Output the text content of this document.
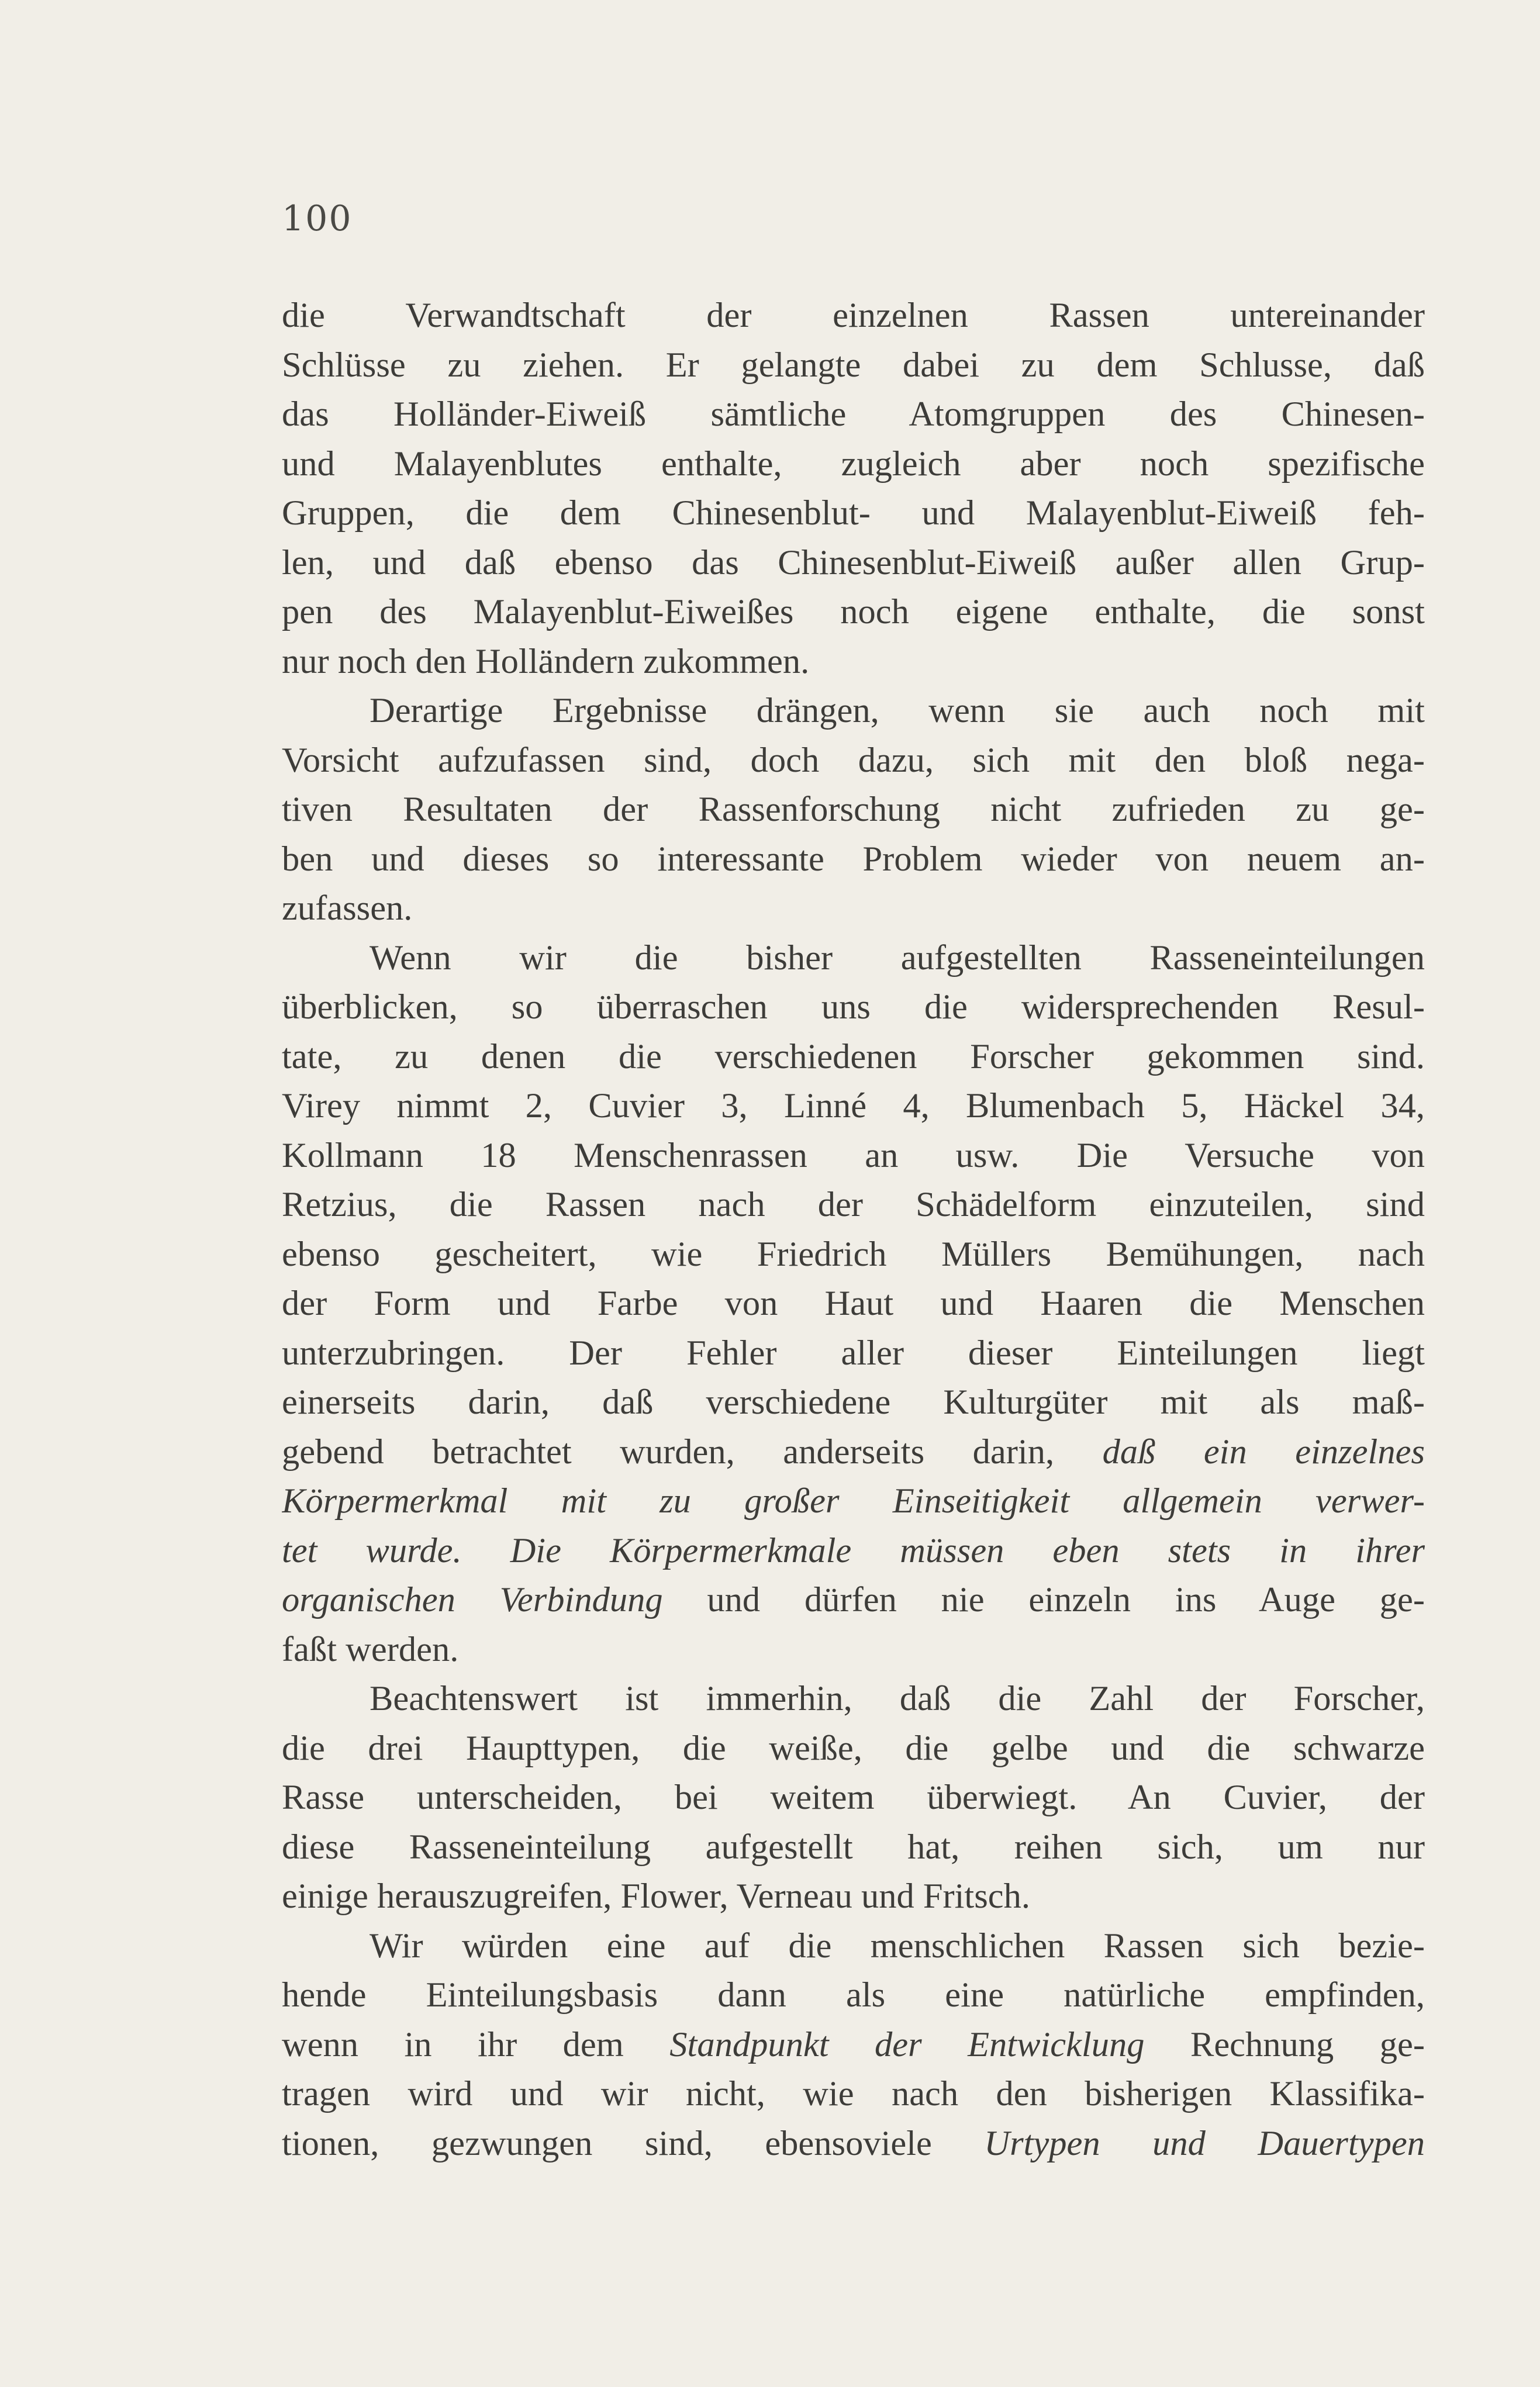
100
die Verwandtschaft der einzelnen Rassen untereinander
Schlüsse zu ziehen. Er gelangte dabei zu dem Schlusse, daß
das Holländer-Eiweiß sämtliche Atomgruppen des Chinesen-
und Malayenblutes enthalte, zugleich aber noch spezifische
Gruppen, die dem Chinesenblut- und Malayenblut-Eiweiß feh-
len, und daß ebenso das Chinesenblut-Eiweiß außer allen Grup-
pen des Malayenblut-Eiweißes noch eigene enthalte, die sonst
nur noch den Holländern zukommen.
Derartige Ergebnisse drängen, wenn sie auch noch mit
Vorsicht aufzufassen sind, doch dazu, sich mit den bloß nega-
tiven Resultaten der Rassenforschung nicht zufrieden zu ge-
ben und dieses so interessante Problem wieder von neuem an-
zufassen.
Wenn wir die bisher aufgestellten Rasseneinteilungen
überblicken, so überraschen uns die widersprechenden Resul-
tate, zu denen die verschiedenen Forscher gekommen sind.
Virey nimmt 2, Cuvier 3, Linné 4, Blumenbach 5, Häckel 34,
Kollmann 18 Menschenrassen an usw. Die Versuche von
Retzius, die Rassen nach der Schädelform einzuteilen, sind
ebenso gescheitert, wie Friedrich Müllers Bemühungen, nach
der Form und Farbe von Haut und Haaren die Menschen
unterzubringen. Der Fehler aller dieser Einteilungen liegt
einerseits darin, daß verschiedene Kulturgüter mit als maß-
gebend betrachtet wurden, anderseits darin, daß ein einzelnes
Körpermerkmal mit zu großer Einseitigkeit allgemein verwer-
tet wurde. Die Körpermerkmale müssen eben stets in ihrer
organischen Verbindung und dürfen nie einzeln ins Auge ge-
faßt werden.
Beachtenswert ist immerhin, daß die Zahl der Forscher,
die drei Haupttypen, die weiße, die gelbe und die schwarze
Rasse unterscheiden, bei weitem überwiegt. An Cuvier, der
diese Rasseneinteilung aufgestellt hat, reihen sich, um nur
einige herauszugreifen, Flower, Verneau und Fritsch.
Wir würden eine auf die menschlichen Rassen sich bezie-
hende Einteilungsbasis dann als eine natürliche empfinden,
wenn in ihr dem Standpunkt der Entwicklung Rechnung ge-
tragen wird und wir nicht, wie nach den bisherigen Klassifika-
tionen, gezwungen sind, ebensoviele Urtypen und Dauertypen
